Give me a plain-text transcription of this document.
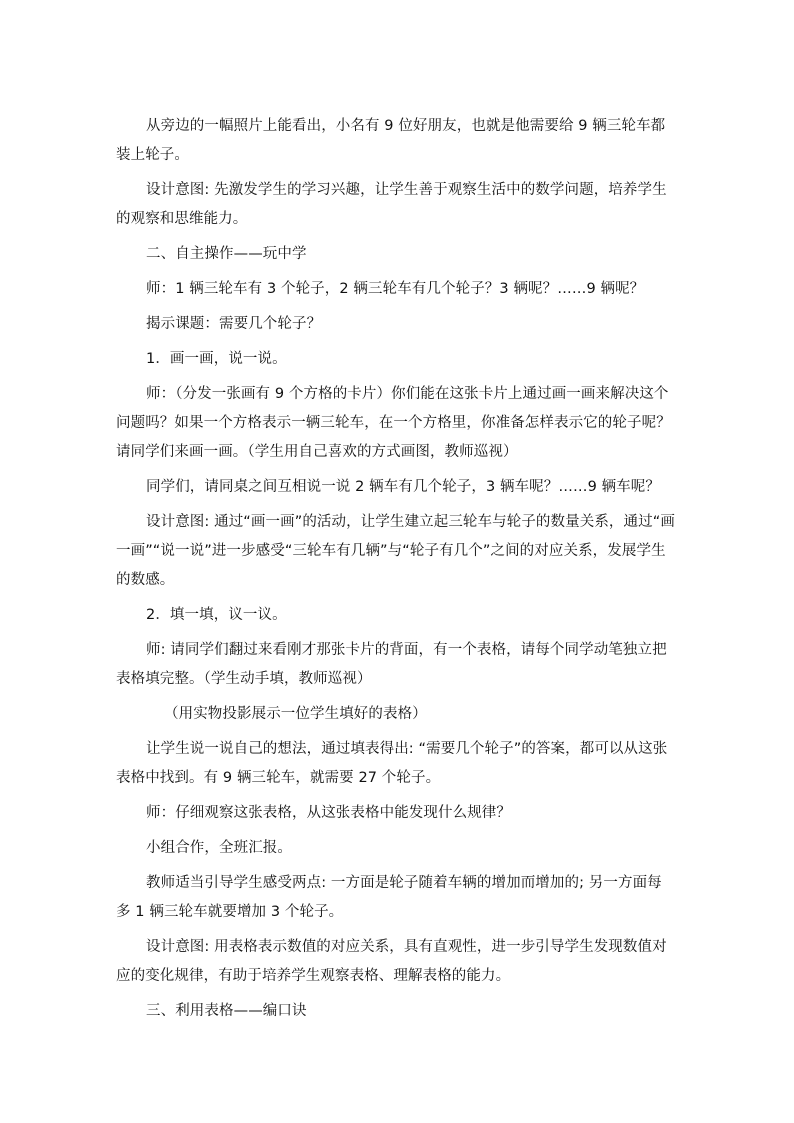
从旁边的一幅照片上能看出，小名有 9 位好朋友，也就是他需要给 9 辆三轮车都装上轮子。

设计意图: 先激发学生的学习兴趣，让学生善于观察生活中的数学问题，培养学生的观察和思维能力。

二、自主操作——玩中学

师：1 辆三轮车有 3 个轮子，2 辆三轮车有几个轮子？3 辆呢？……9 辆呢？

揭示课题：需要几个轮子？

1．画一画，说一说。

师：（分发一张画有 9 个方格的卡片）你们能在这张卡片上通过画一画来解决这个问题吗？如果一个方格表示一辆三轮车，在一个方格里，你准备怎样表示它的轮子呢？请同学们来画一画。（学生用自己喜欢的方式画图，教师巡视）

同学们，请同桌之间互相说一说 2 辆车有几个轮子，3 辆车呢？……9 辆车呢？

设计意图: 通过“画一画”的活动，让学生建立起三轮车与轮子的数量关系，通过“画一画”“说一说”进一步感受“三轮车有几辆”与“轮子有几个”之间的对应关系，发展学生的数感。

2．填一填，议一议。

师: 请同学们翻过来看刚才那张卡片的背面，有一个表格，请每个同学动笔独立把表格填完整。（学生动手填，教师巡视）

（用实物投影展示一位学生填好的表格）

让学生说一说自己的想法，通过填表得出: “需要几个轮子”的答案，都可以从这张表格中找到。有 9 辆三轮车，就需要 27 个轮子。

师：仔细观察这张表格，从这张表格中能发现什么规律？

小组合作，全班汇报。

教师适当引导学生感受两点: 一方面是轮子随着车辆的增加而增加的; 另一方面每多 1 辆三轮车就要增加 3 个轮子。

设计意图: 用表格表示数值的对应关系，具有直观性，进一步引导学生发现数值对应的变化规律，有助于培养学生观察表格、理解表格的能力。

三、利用表格——编口诀
